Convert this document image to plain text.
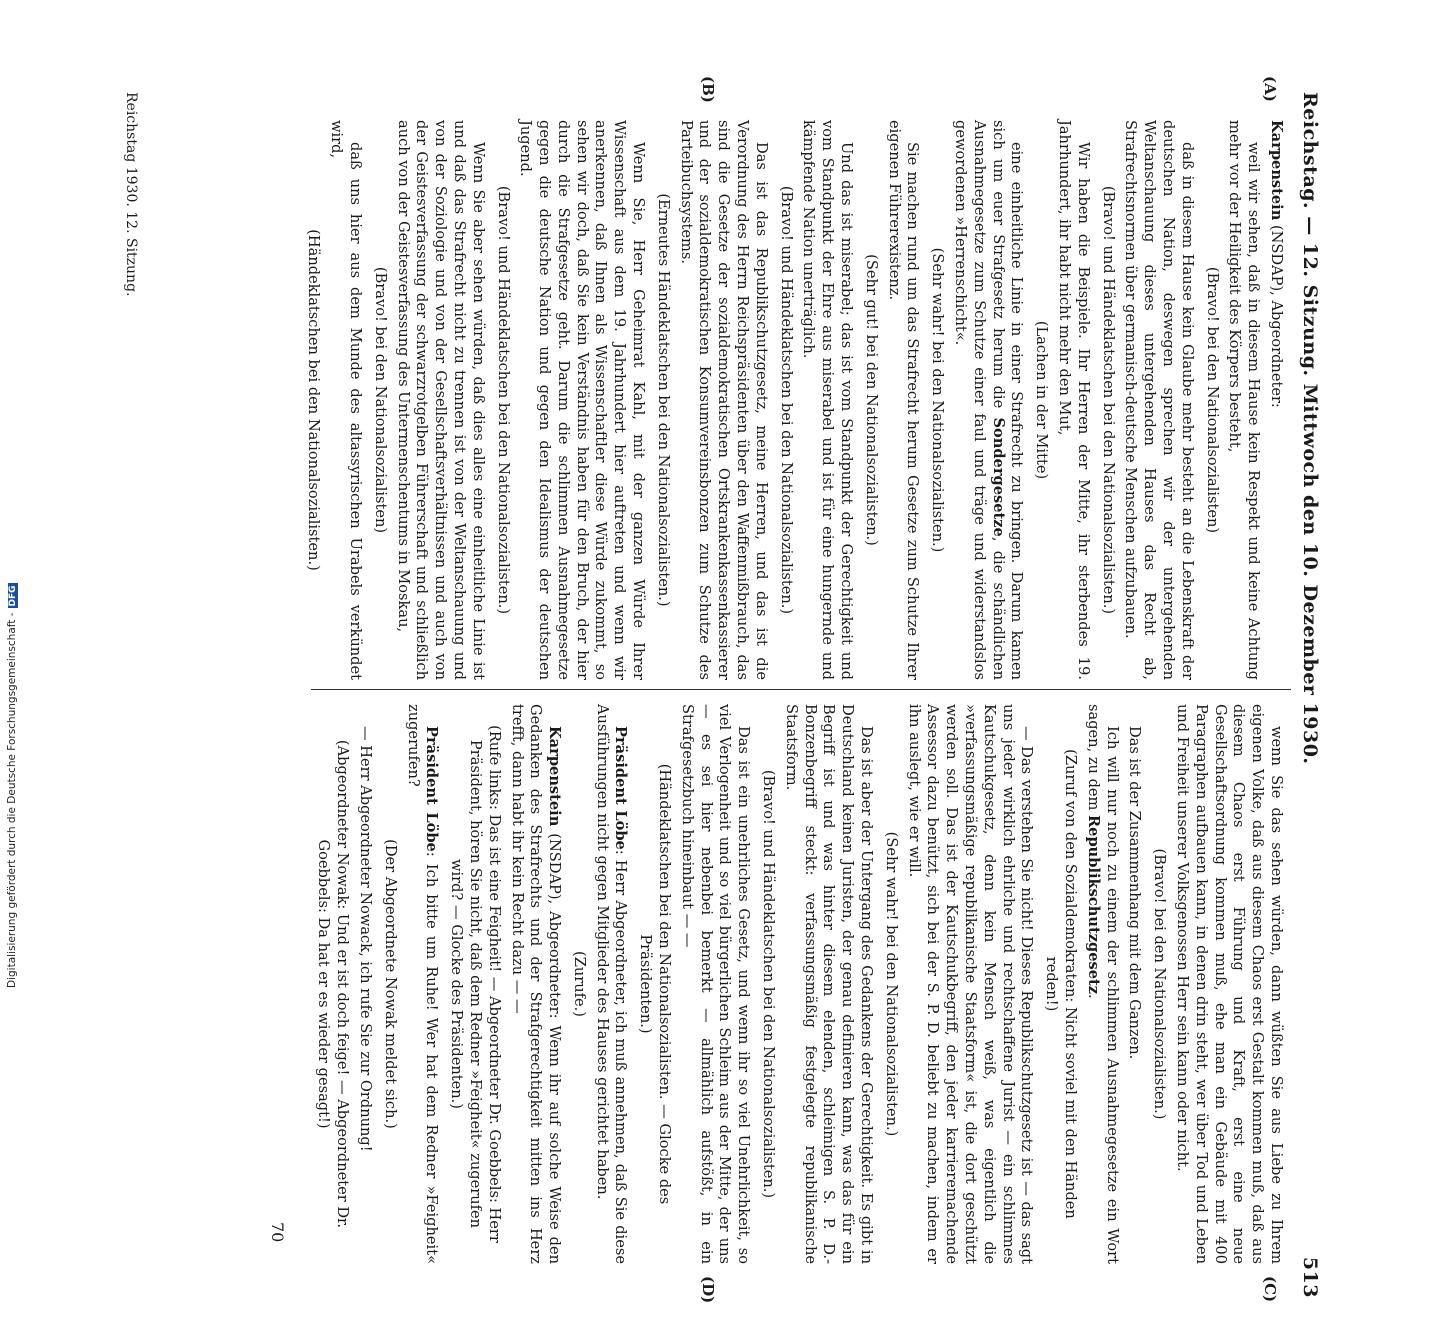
Reichstag. — 12. Sitzung. Mittwoch den 10. Dezember 1930.
513
(A)
(B)
(C)
(D)

Karpenstein (NSDAP), Abgeordneter:

weil wir sehen, daß in diesem Hause kein Respekt und keine Achtung mehr vor der Heiligkeit des Körpers besteht,

(Bravo! bei den Nationalsozialisten)

daß in diesem Hause kein Glaube mehr besteht an die Lebenskraft der deutschen Nation, deswegen sprechen wir der untergehenden Weltanschauung dieses untergehenden Hauses das Recht ab, Strafrechtsnormen über germanisch-deutsche Menschen aufzubauen.

(Bravo! und Händeklatschen bei den Nationalsozialisten.)

Wir haben die Beispiele. Ihr Herren der Mitte, ihr sterbendes 19. Jahrhundert, ihr habt nicht mehr den Mut,

(Lachen in der Mitte)

eine einheitliche Linie in einer Strafrecht zu bringen. Darum kamen sich um euer Strafgesetz herum die Sondergesetze, die schändlichen Ausnahmegesetze zum Schutze einer faul und träge und widerstandslos gewordenen »Herrenschicht«.

(Sehr wahr! bei den Nationalsozialisten.)

Sie machen rund um das Strafrecht herum Gesetze zum Schutze Ihrer eigenen Führerexistenz.

(Sehr gut! bei den Nationalsozialisten.)

Und das ist miserabel; das ist vom Standpunkt der Gerechtigkeit und vom Standpunkt der Ehre aus miserabel und ist für eine hungernde und kämpfende Nation unerträglich.

(Bravo! und Händeklatschen bei den Nationalsozialisten.)

Das ist das Republikschutzgesetz, meine Herren, und das ist die Verordnung des Herrn Reichspräsidenten über den Waffenmißbrauch, das sind die Gesetze der sozialdemokratischen Ortskrankenkassenkassierer und der sozialdemokratischen Konsumvereinsbonzen zum Schutze des Parteibuchsystems.

(Erneutes Händeklatschen bei den Nationalsozialisten.)

Wenn Sie, Herr Geheimrat Kahl, mit der ganzen Würde Ihrer Wissenschaft aus dem 19. Jahrhundert hier auftreten und wenn wir anerkennen, daß Ihnen als Wissenschaftler diese Würde zukommt, so sehen wir doch, daß Sie kein Verständnis haben für den Bruch, der hier durch die Strafgesetze geht. Darum die schlimmen Ausnahmegesetze gegen die deutsche Nation und gegen den Idealismus der deutschen Jugend.

(Bravo! und Händeklatschen bei den Nationalsozialisten.)

Wenn Sie aber sehen würden, daß dies alles eine einheitliche Linie ist und daß das Strafrecht nicht zu trennen ist von der Weltanschauung und von der Soziologie und von der Gesellschaftsverhältnissen und auch von der Geistesverfassung der schwarzrotgelben Führerschaft und schließlich auch von der Geistesverfassung des Untermenschentums in Moskau,

(Bravo! bei den Nationalsozialisten)

daß uns hier aus dem Munde des altassyrischen Urabels verkündet wird,

(Händeklatschen bei den Nationalsozialisten.)

wenn Sie das sehen würden, dann wüßten Sie aus Liebe zu Ihrem eigenen Volke, daß aus diesem Chaos erst Gestalt kommen muß, daß aus diesem Chaos erst Führung und Kraft, erst eine neue Gesellschaftsordnung kommen muß, ehe man ein Gebäude mit 400 Paragraphen aufbauen kann, in denen drin steht, wer über Tod und Leben und Freiheit unserer Volksgenossen Herr sein kann oder nicht.

(Bravo! bei den Nationalsozialisten.)

Das ist der Zusammenhang mit dem Ganzen.

Ich will nur noch zu einem der schlimmen Ausnahmegesetze ein Wort sagen, zu dem Republikschutzgesetz.

(Zuruf von den Sozialdemokraten: Nicht soviel mit den Händen reden!)

— Das verstehen Sie nicht! Dieses Republikschutzgesetz ist — das sagt uns jeder wirklich ehrliche und rechtschaffene Jurist — ein schlimmes Kautschukgesetz, denn kein Mensch weiß, was eigentlich die »verfassungsmäßige republikanische Staatsform« ist, die dort geschützt werden soll. Das ist der Kautschukbegriff, den jeder karrieremachende Assessor dazu benützt, sich bei der S. P. D. beliebt zu machen, indem er ihn auslegt, wie er will.

(Sehr wahr! bei den Nationalsozialisten.)

Das ist aber der Untergang des Gedankens der Gerechtigkeit. Es gibt in Deutschland keinen Juristen, der genau definieren kann, was das für ein Begriff ist und was hinter diesem elenden, schleimigen S. P. D.-Bonzenbegriff steckt: verfassungsmäßig festgelegte republikanische Staatsform.

(Bravo! und Händeklatschen bei den Nationalsozialisten.)

Das ist ein unehrliches Gesetz, und wenn ihr so viel Unehrlichkeit, so viel Verlogenheit und so viel bürgerlichen Schleim aus der Mitte, der uns — es sei hier nebenbei bemerkt — allmählich aufstößt, in ein Strafgesetzbuch hineinbaut — —

(Händeklatschen bei den Nationalsozialisten. — Glocke des Präsidenten.)

Präsident Löbe: Herr Abgeordneter, ich muß annehmen, daß Sie diese Ausführungen nicht gegen Mitglieder des Hauses gerichtet haben.

(Zurufe.)

Karpenstein (NSDAP), Abgeordneter: Wenn ihr auf solche Weise den Gedanken des Strafrechts und der Strafgerechtigkeit mitten ins Herz trefft, dann habt ihr kein Recht dazu — —

(Rufe links: Das ist eine Feigheit! — Abgeordneter Dr. Goebbels: Herr Präsident, hören Sie nicht, daß dem Redner »Feigheit« zugerufen wird? — Glocke des Präsidenten.)

Präsident Löbe: Ich bitte um Ruhe! Wer hat dem Redner »Feigheit« zugerufen?

(Der Abgeordnete Nowak meldet sich.)

— Herr Abgeordneter Nowack, ich rufe Sie zur Ordnung!

(Abgeordneter Nowak: Und er ist doch feige! — Abgeordneter Dr. Goebbels: Da hat er es wieder gesagt!)

Reichstag 1930. 12. Sitzung.
70
Digitalisierung gefördert durch die Deutsche Forschungsgemeinschaft -DFG
